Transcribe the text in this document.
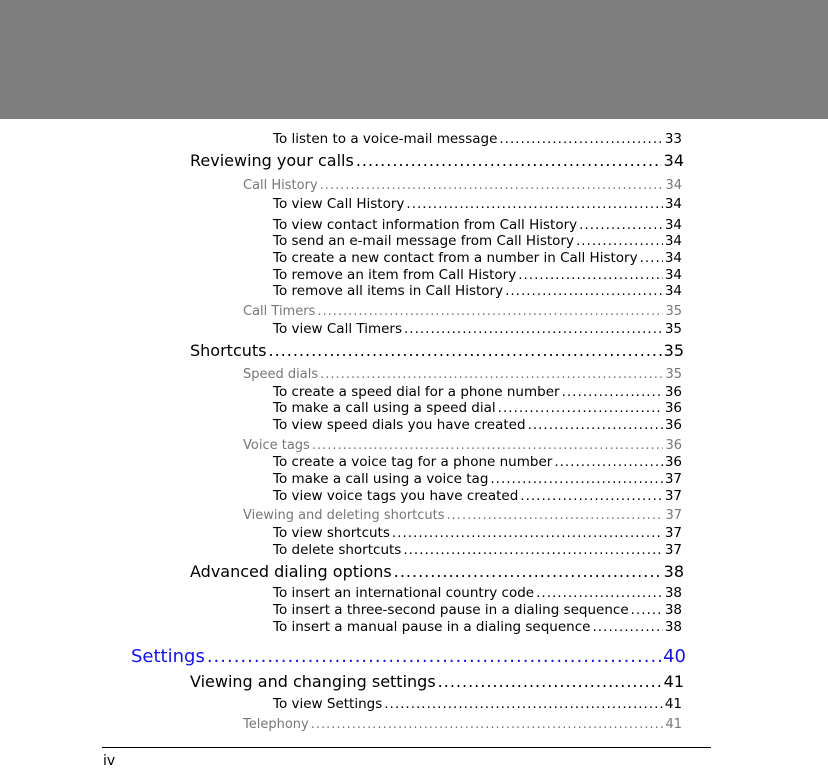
To listen to a voice-mail message .....	33
Reviewing your calls .....	34
Call History .....	34
To view Call History .....	34
To view contact information from Call History .....	34
To send an e-mail message from Call History .....	34
To create a new contact from a number in Call History ..... 34
To remove an item from Call History .....	34
To remove all items in Call History .....	34
Call Timers .....	35
To view Call Timers .....	35
Shortcuts .....	35
Speed dials .....	35
To create a speed dial for a phone number .....	36
To make a call using a speed dial .....	36
To view speed dials you have created .....	36
Voice tags .....	36
To create a voice tag for a phone number .....	36
To make a call using a voice tag .....	37
To view voice tags you have created .....	37
Viewing and deleting shortcuts .....	37
To view shortcuts .....	37
To delete shortcuts .....	37
Advanced dialing options .....	38
To insert an international country code .....	38
To insert a three-second pause in a dialing sequence .....	38
To insert a manual pause in a dialing sequence .....	38
Settings .....	40
Viewing and changing settings .....	41
To view Settings .....	41
Telephony .....	41
iv
